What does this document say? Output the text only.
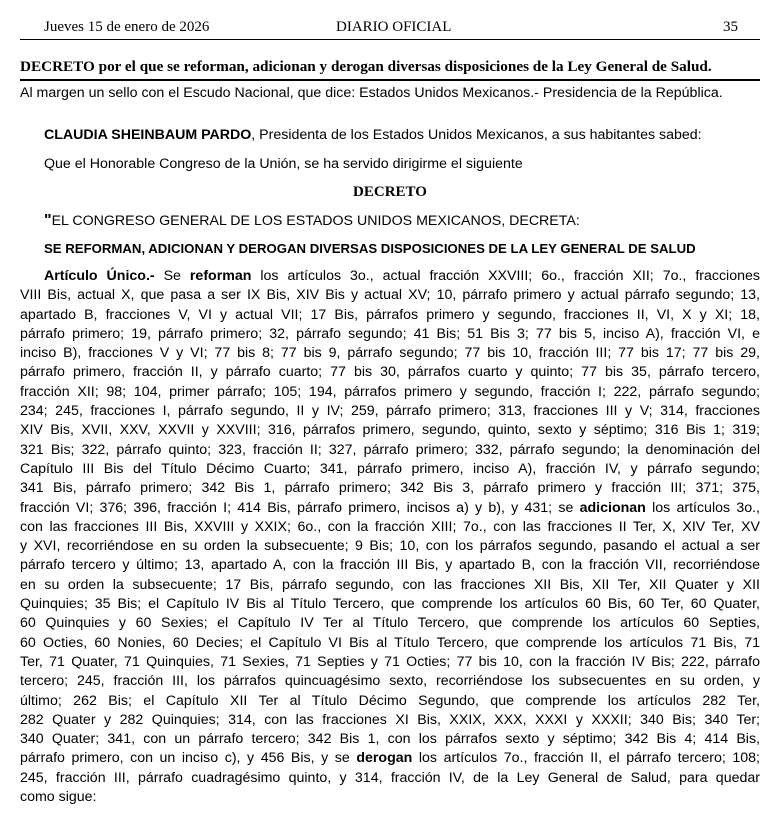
Jueves 15 de enero de 2026	DIARIO OFICIAL	35
DECRETO por el que se reforman, adicionan y derogan diversas disposiciones de la Ley General de Salud.
Al margen un sello con el Escudo Nacional, que dice: Estados Unidos Mexicanos.- Presidencia de la República.
CLAUDIA SHEINBAUM PARDO, Presidenta de los Estados Unidos Mexicanos, a sus habitantes sabed:
Que el Honorable Congreso de la Unión, se ha servido dirigirme el siguiente
DECRETO
"EL CONGRESO GENERAL DE LOS ESTADOS UNIDOS MEXICANOS, DECRETA:
SE REFORMAN, ADICIONAN Y DEROGAN DIVERSAS DISPOSICIONES DE LA LEY GENERAL DE SALUD
Artículo Único.- Se reforman los artículos 3o., actual fracción XXVIII; 6o., fracción XII; 7o., fracciones
VIII Bis, actual X, que pasa a ser IX Bis, XIV Bis y actual XV; 10, párrafo primero y actual párrafo segundo; 13,
apartado B, fracciones V, VI y actual VII; 17 Bis, párrafos primero y segundo, fracciones II, VI, X y XI; 18,
párrafo primero; 19, párrafo primero; 32, párrafo segundo; 41 Bis; 51 Bis 3; 77 bis 5, inciso A), fracción VI, e
inciso B), fracciones V y VI; 77 bis 8; 77 bis 9, párrafo segundo; 77 bis 10, fracción III; 77 bis 17; 77 bis 29,
párrafo primero, fracción II, y párrafo cuarto; 77 bis 30, párrafos cuarto y quinto; 77 bis 35, párrafo tercero,
fracción XII; 98; 104, primer párrafo; 105; 194, párrafos primero y segundo, fracción I; 222, párrafo segundo;
234; 245, fracciones I, párrafo segundo, II y IV; 259, párrafo primero; 313, fracciones III y V; 314, fracciones
XIV Bis, XVII, XXV, XXVII y XXVIII; 316, párrafos primero, segundo, quinto, sexto y séptimo; 316 Bis 1; 319;
321 Bis; 322, párrafo quinto; 323, fracción II; 327, párrafo primero; 332, párrafo segundo; la denominación del
Capítulo III Bis del Título Décimo Cuarto; 341, párrafo primero, inciso A), fracción IV, y párrafo segundo;
341 Bis, párrafo primero; 342 Bis 1, párrafo primero; 342 Bis 3, párrafo primero y fracción III; 371; 375,
fracción VI; 376; 396, fracción I; 414 Bis, párrafo primero, incisos a) y b), y 431; se adicionan los artículos 3o.,
con las fracciones III Bis, XXVIII y XXIX; 6o., con la fracción XIII; 7o., con las fracciones II Ter, X, XIV Ter, XV
y XVI, recorriéndose en su orden la subsecuente; 9 Bis; 10, con los párrafos segundo, pasando el actual a ser
párrafo tercero y último; 13, apartado A, con la fracción III Bis, y apartado B, con la fracción VII, recorriéndose
en su orden la subsecuente; 17 Bis, párrafo segundo, con las fracciones XII Bis, XII Ter, XII Quater y XII
Quinquies; 35 Bis; el Capítulo IV Bis al Título Tercero, que comprende los artículos 60 Bis, 60 Ter, 60 Quater,
60 Quinquies y 60 Sexies; el Capítulo IV Ter al Título Tercero, que comprende los artículos 60 Septies,
60 Octies, 60 Nonies, 60 Decies; el Capítulo VI Bis al Título Tercero, que comprende los artículos 71 Bis, 71
Ter, 71 Quater, 71 Quinquies, 71 Sexies, 71 Septies y 71 Octies; 77 bis 10, con la fracción IV Bis; 222, párrafo
tercero; 245, fracción III, los párrafos quincuagésimo sexto, recorriéndose los subsecuentes en su orden, y
último; 262 Bis; el Capítulo XII Ter al Título Décimo Segundo, que comprende los artículos 282 Ter,
282 Quater y 282 Quinquies; 314, con las fracciones XI Bis, XXIX, XXX, XXXI y XXXII; 340 Bis; 340 Ter;
340 Quater; 341, con un párrafo tercero; 342 Bis 1, con los párrafos sexto y séptimo; 342 Bis 4; 414 Bis,
párrafo primero, con un inciso c), y 456 Bis, y se derogan los artículos 7o., fracción II, el párrafo tercero; 108;
245, fracción III, párrafo cuadragésimo quinto, y 314, fracción IV, de la Ley General de Salud, para quedar
como sigue:
